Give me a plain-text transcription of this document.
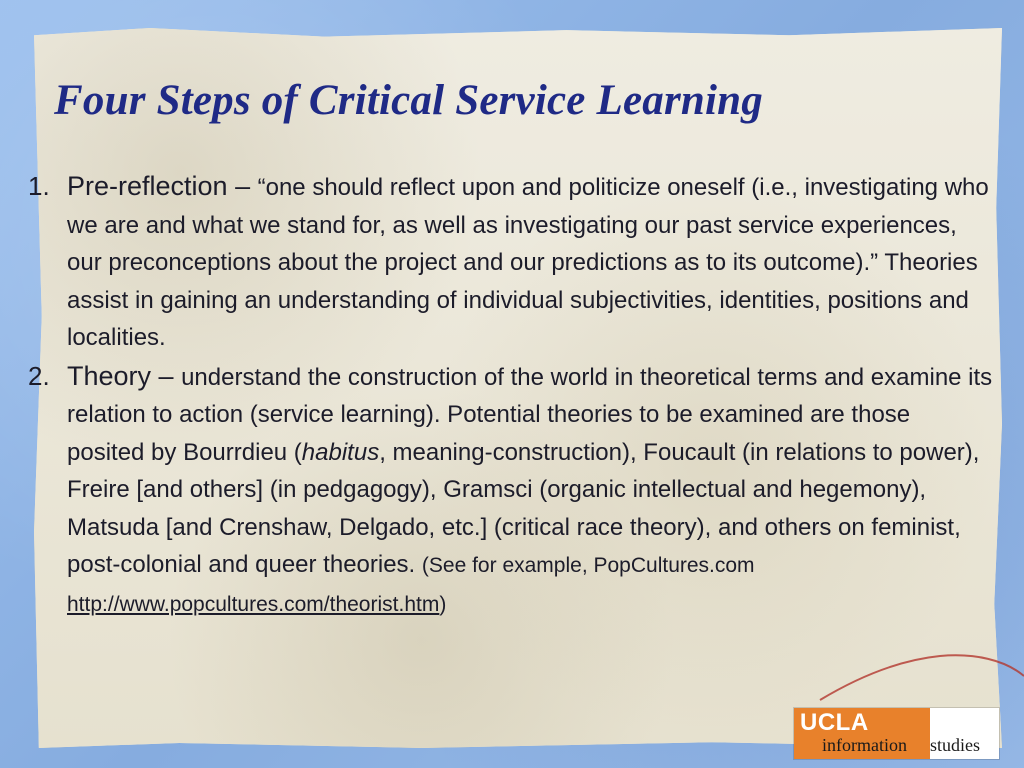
Four Steps of Critical Service Learning
1. Pre-reflection – “one should reflect upon and politicize oneself (i.e., investigating who we are and what we stand for, as well as investigating our past service experiences, our preconceptions about the project and our predictions as to its outcome).” Theories assist in gaining an understanding of individual subjectivities, identities, positions and localities.
2. Theory – understand the construction of the world in theoretical terms and examine its relation to action (service learning). Potential theories to be examined are those posited by Bourrdieu (habitus, meaning-construction), Foucault (in relations to power), Freire [and others] (in pedgagogy), Gramsci (organic intellectual and hegemony), Matsuda [and Crenshaw, Delgado, etc.] (critical race theory), and others on feminist, post-colonial and queer theories. (See for example, PopCultures.com
http://www.popcultures.com/theorist.htm)
UCLA
information studies
